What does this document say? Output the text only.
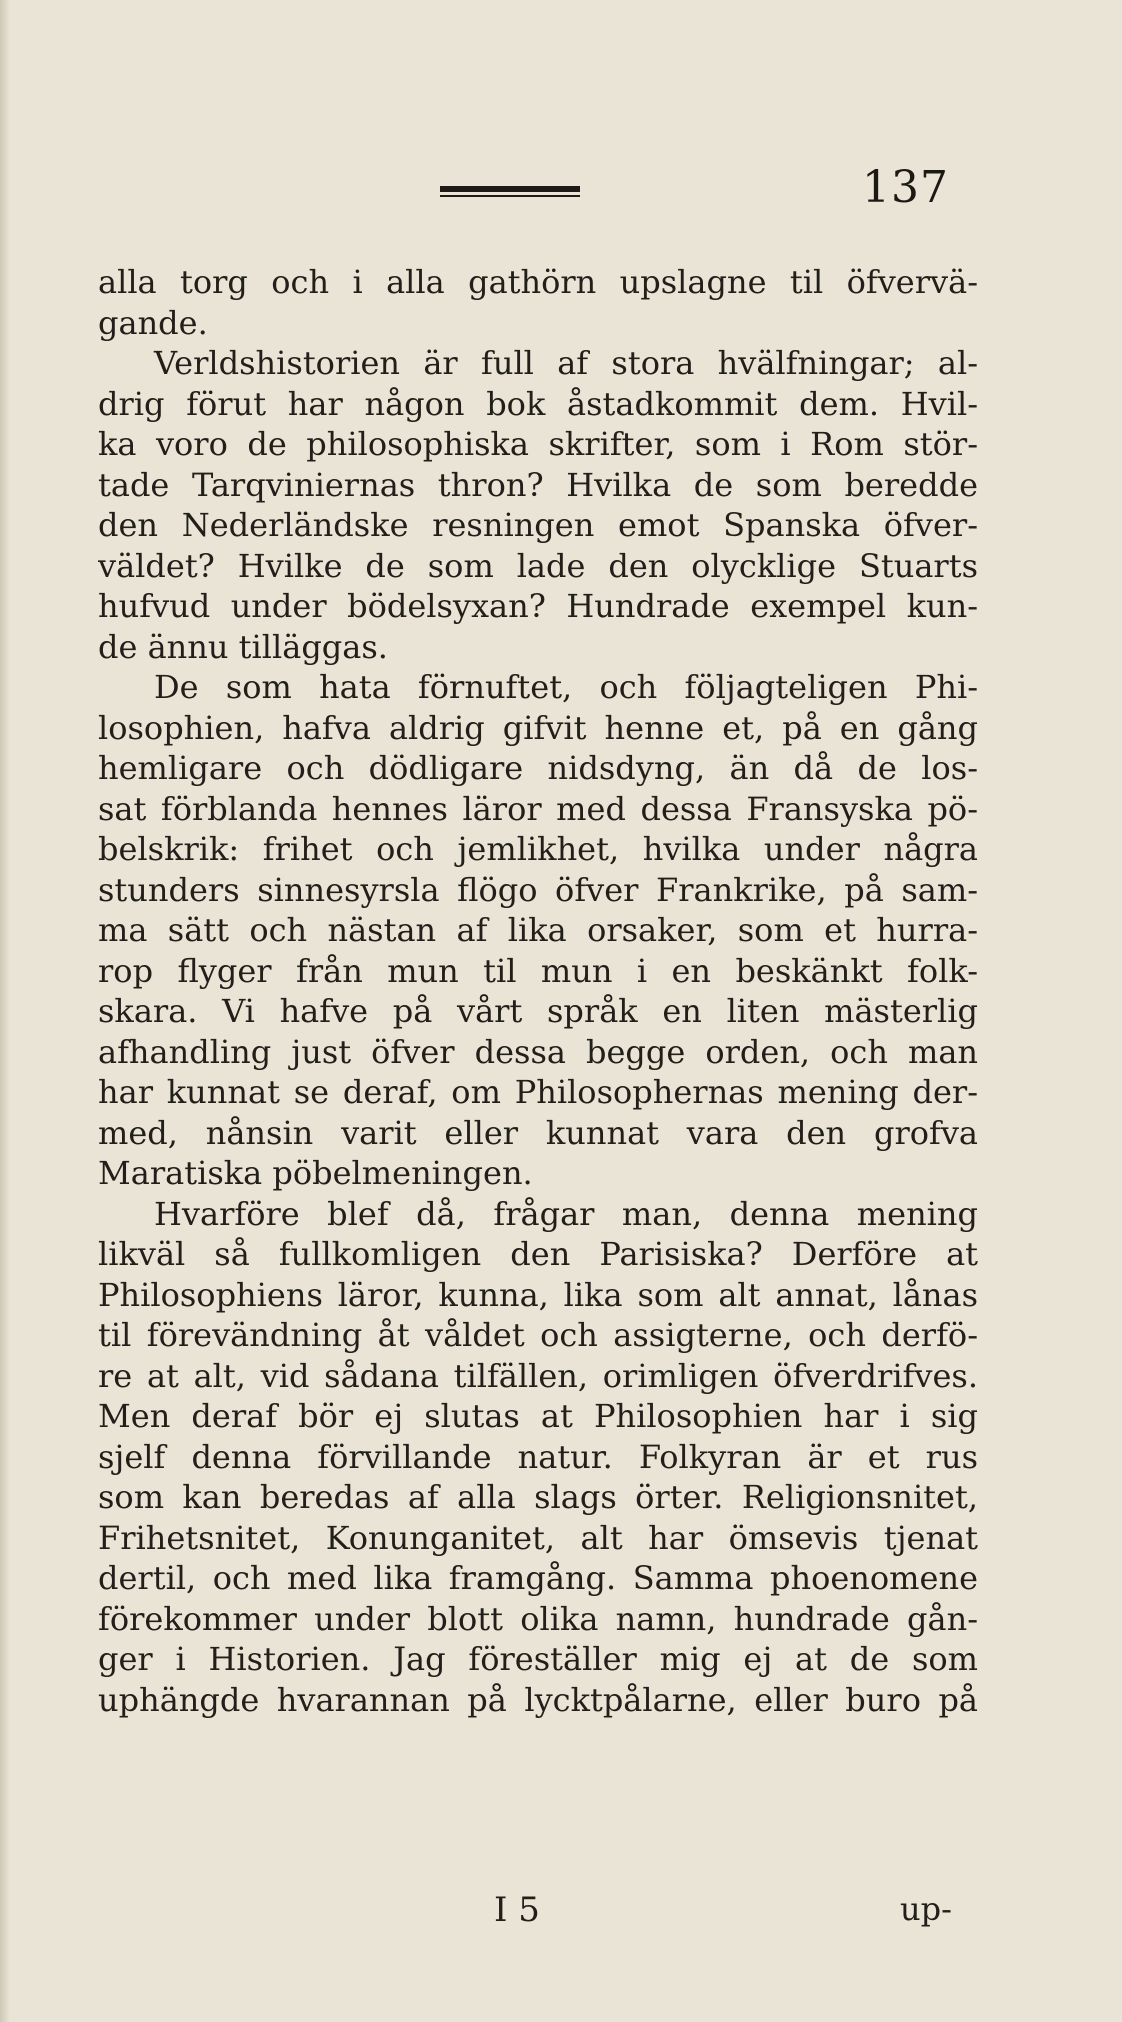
137
alla torg och i alla gathörn upslagne til öfvervä-
gande.
Verldshistorien är full af stora hvälfningar; al-
drig förut har någon bok åstadkommit dem. Hvil-
ka voro de philosophiska skrifter, som i Rom stör-
tade Tarqviniernas thron? Hvilka de som beredde
den Nederländske resningen emot Spanska öfver-
väldet? Hvilke de som lade den olycklige Stuarts
hufvud under bödelsyxan? Hundrade exempel kun-
de ännu tilläggas.
De som hata förnuftet, och följagteligen Phi-
losophien, hafva aldrig gifvit henne et, på en gång
hemligare och dödligare nidsdyng, än då de los-
sat förblanda hennes läror med dessa Fransyska pö-
belskrik: frihet och jemlikhet, hvilka under några
stunders sinnesyrsla flögo öfver Frankrike, på sam-
ma sätt och nästan af lika orsaker, som et hurra-
rop flyger från mun til mun i en beskänkt folk-
skara. Vi hafve på vårt språk en liten mästerlig
afhandling just öfver dessa begge orden, och man
har kunnat se deraf, om Philosophernas mening der-
med, nånsin varit eller kunnat vara den grofva
Maratiska pöbelmeningen.
Hvarföre blef då, frågar man, denna mening
likväl så fullkomligen den Parisiska? Derföre at
Philosophiens läror, kunna, lika som alt annat, lånas
til förevändning åt våldet och assigterne, och derfö-
re at alt, vid sådana tilfällen, orimligen öfverdrifves.
Men deraf bör ej slutas at Philosophien har i sig
sjelf denna förvillande natur. Folkyran är et rus
som kan beredas af alla slags örter. Religionsnitet,
Frihetsnitet, Konunganitet, alt har ömsevis tjenat
dertil, och med lika framgång. Samma phoenomene
förekommer under blott olika namn, hundrade gån-
ger i Historien. Jag föreställer mig ej at de som
uphängde hvarannan på lycktpålarne, eller buro på
I 5	up-
